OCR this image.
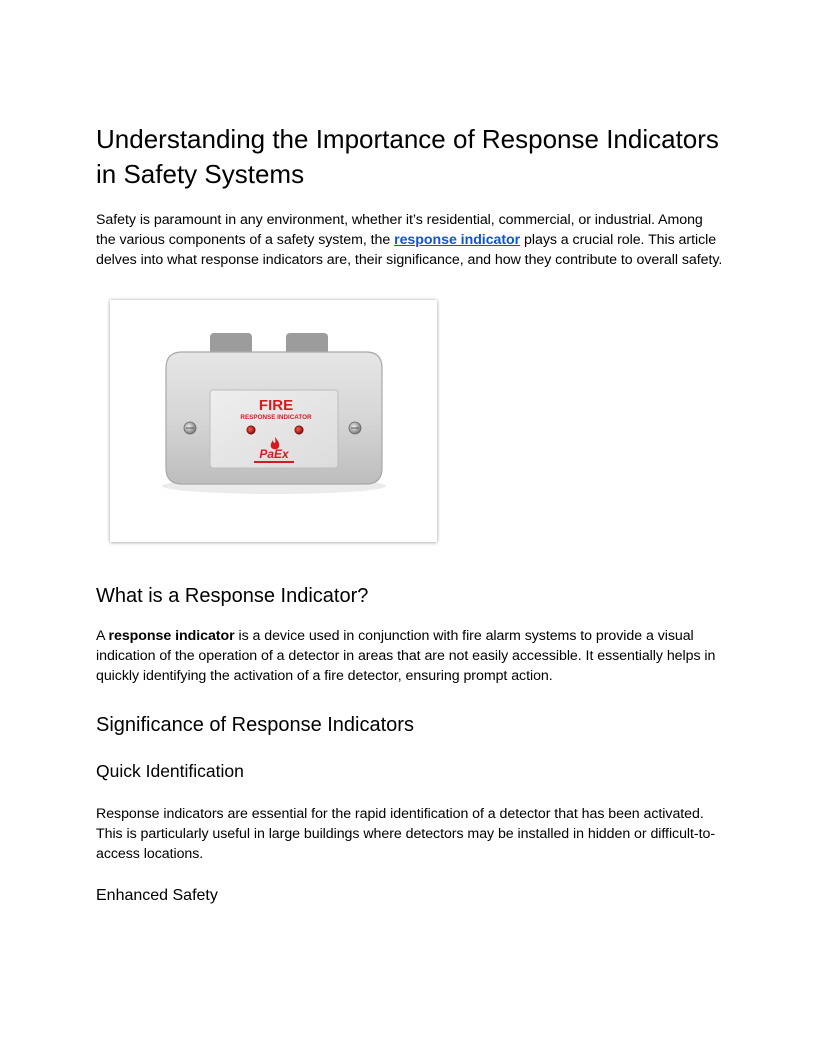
Understanding the Importance of Response Indicators in Safety Systems

Safety is paramount in any environment, whether it’s residential, commercial, or industrial. Among the various components of a safety system, the response indicator plays a crucial role. This article delves into what response indicators are, their significance, and how they contribute to overall safety.

FIRE
RESPONSE INDICATOR
PaEx
What is a Response Indicator?

A response indicator is a device used in conjunction with fire alarm systems to provide a visual indication of the operation of a detector in areas that are not easily accessible. It essentially helps in quickly identifying the activation of a fire detector, ensuring prompt action.

Significance of Response Indicators
Quick Identification

Response indicators are essential for the rapid identification of a detector that has been activated. This is particularly useful in large buildings where detectors may be installed in hidden or difficult-to-access locations.

Enhanced Safety
